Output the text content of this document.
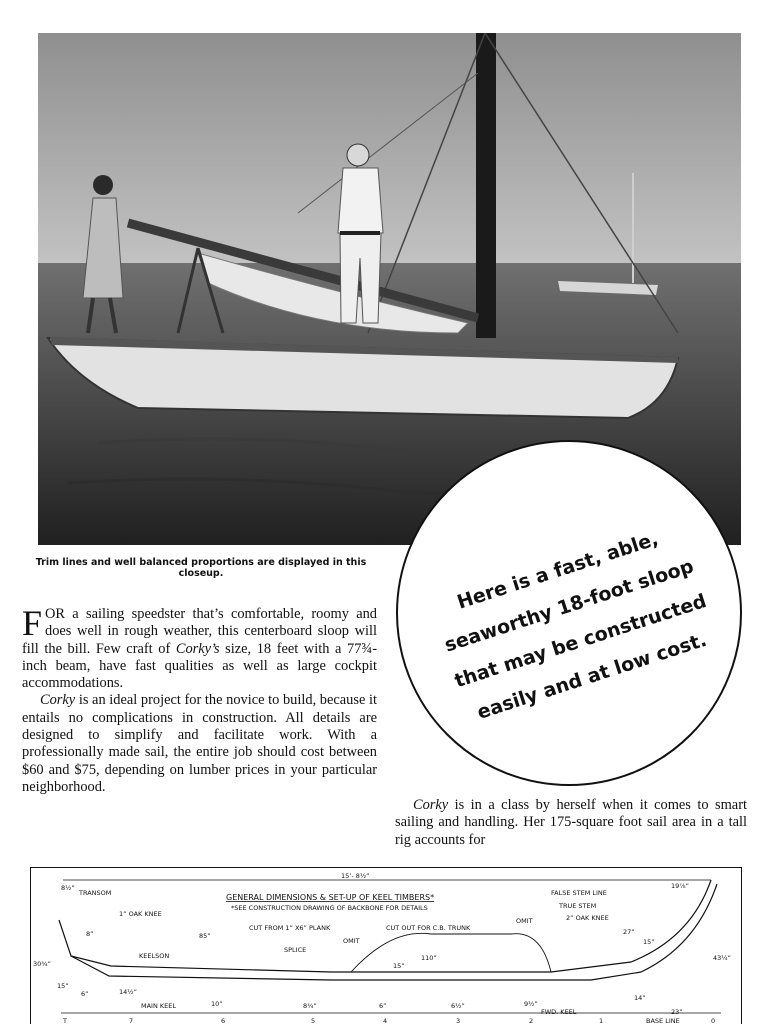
Trim lines and well balanced proportions are displayed in this closeup.	Here is a fast, able, seaworthy 18-foot sloop that may be constructed easily and at low cost.

FOR a sailing speedster that’s comfortable, roomy and does well in rough weather, this centerboard sloop will fill the bill. Few craft of Corky’s size, 18 feet with a 77¾-inch beam, have fast qualities as well as large cockpit accommodations.

Corky is an ideal project for the novice to build, because it entails no complications in construction. All details are designed to simplify and facilitate work. With a professionally made sail, the entire job should cost between $60 and $75, depending on lumber prices in your particular neighborhood.

Corky is in a class by herself when it comes to smart sailing and handling. Her 175-square foot sail area in a tall rig accounts for

15’- 8½”
8½”
TRANSOM	GENERAL DIMENSIONS & SET-UP OF KEEL TIMBERS*
*SEE CONSTRUCTION DRAWING OF BACKBONE FOR DETAILS
1” OAK KNEE
8”	85”
CUT FROM 1” X6” PLANK
SPLICE
OMIT
CUT OUT FOR C.B. TRUNK
OMIT
FALSE STEM LINE
TRUE STEM
2” OAK KNEE
19⅞”
27”
15”
43¼”
30¾”
KEELSON	110”
15”
15”
6”	14½”
MAIN KEEL	10”	8¾”	6”	6½”	9½”
FWD. KEEL
14”
23”
BASE LINE
T	7	6	5	4	3	2	1	0
